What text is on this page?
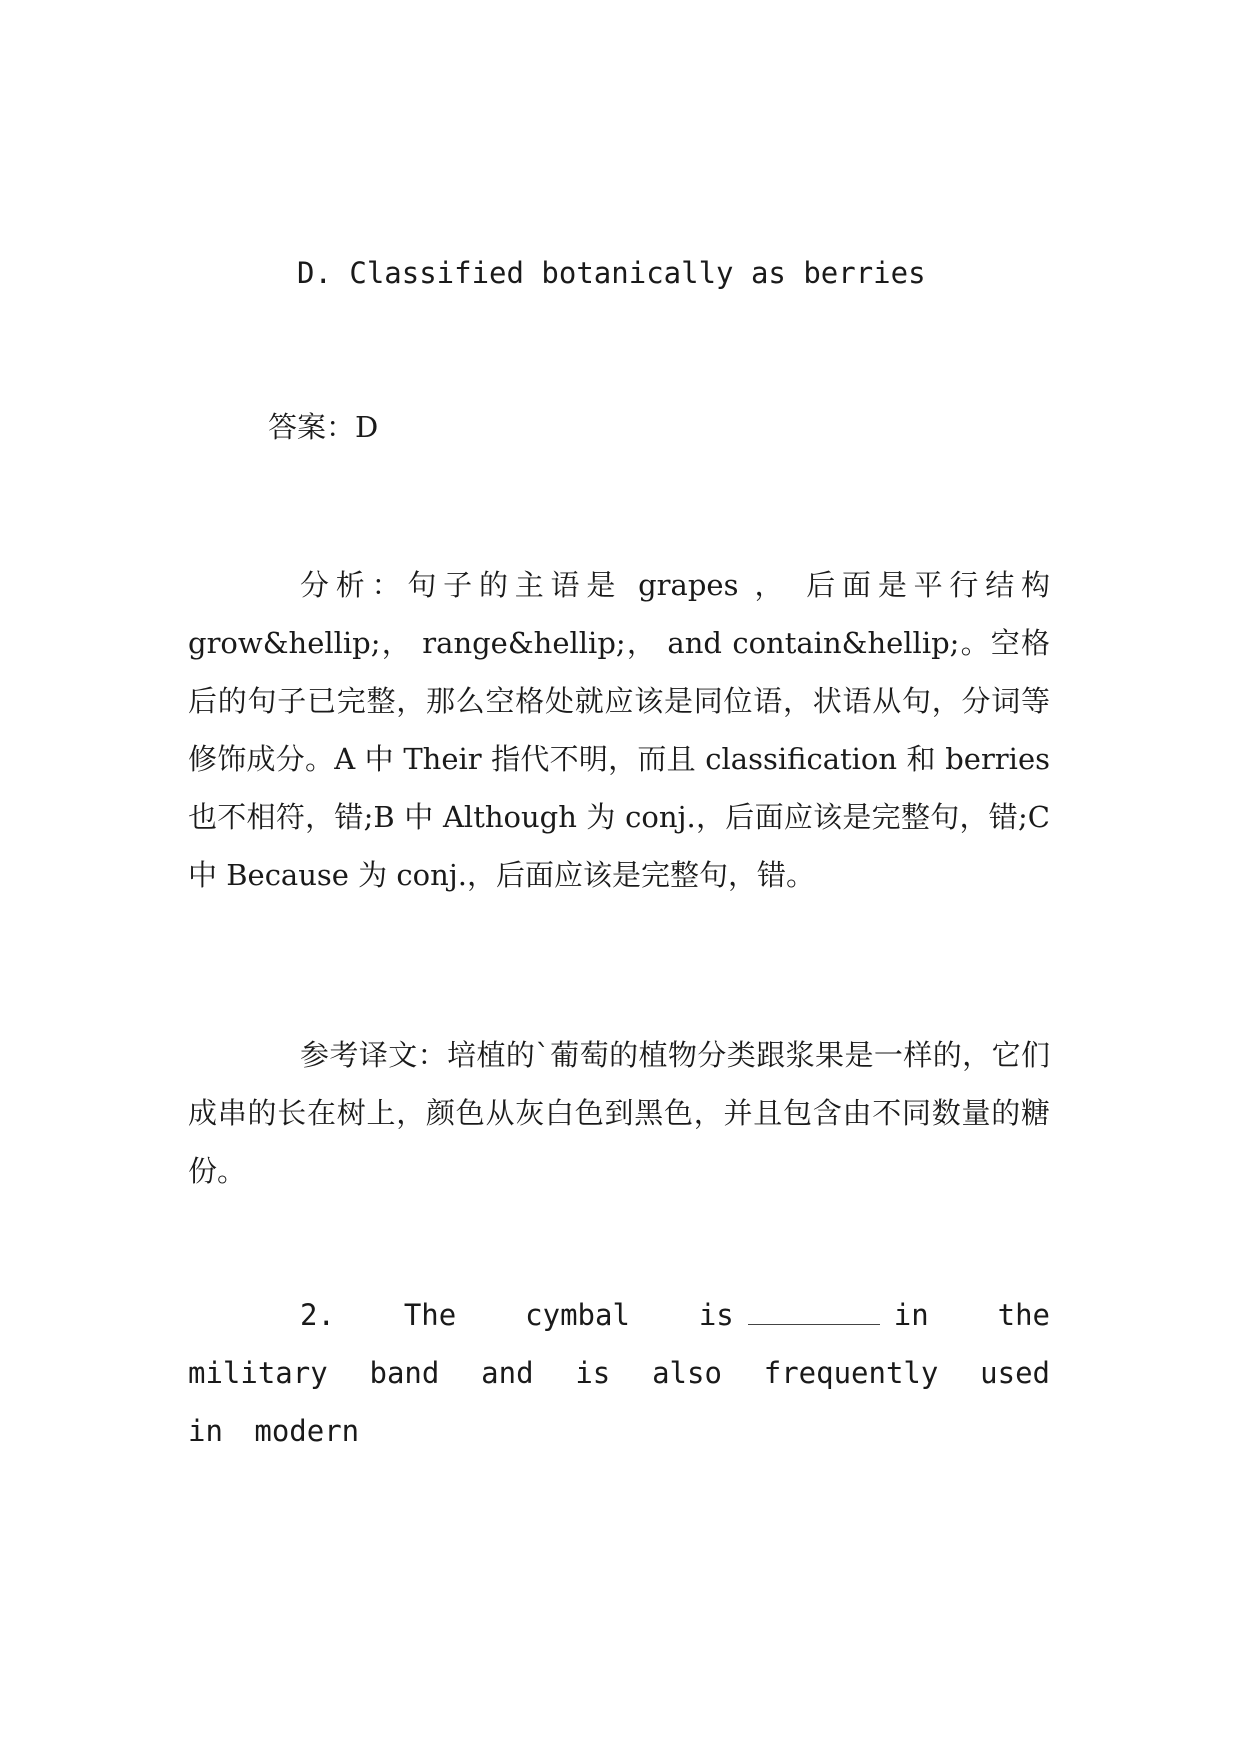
D. Classified botanically as berries

答案：D

分析：句子的主语是 grapes ， 后面是平行结构 grow&hellip;， range&hellip;， and contain&hellip;。空格后的句子已完整，那么空格处就应该是同位语，状语从句，分词等修饰成分。A 中 Their 指代不明，而且 classification 和 berries 也不相符，错;B 中 Although 为 conj.，后面应该是完整句，错;C 中 Because 为 conj.，后面应该是完整句，错。

参考译文：培植的`葡萄的植物分类跟浆果是一样的，它们成串的长在树上，颜色从灰白色到黑色，并且包含由不同数量的糖份。

2. The cymbal is	in the military band and is also frequently used in modern
